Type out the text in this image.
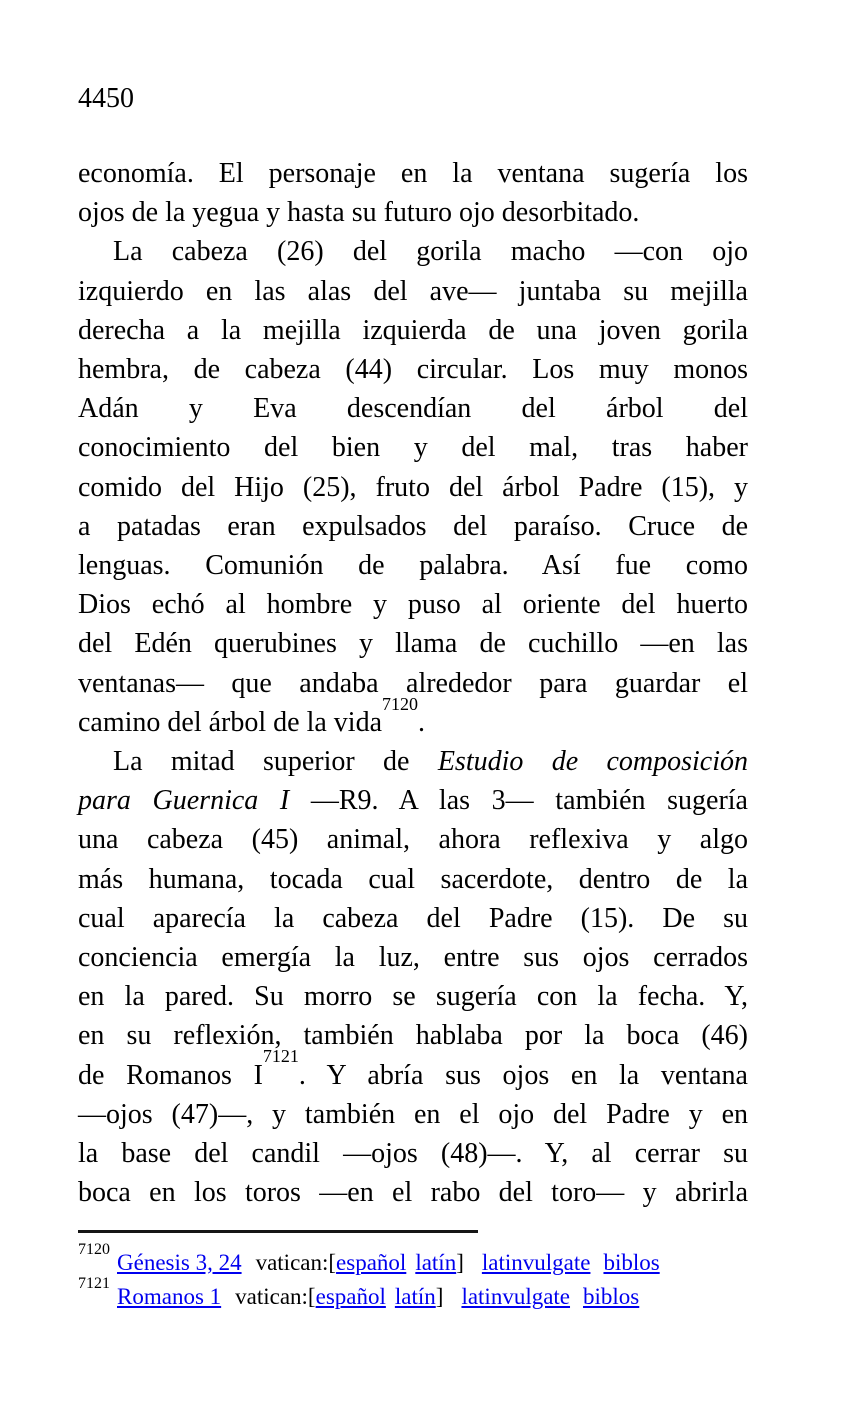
4450
economía. El personaje en la ventana sugería los
ojos de la yegua y hasta su futuro ojo desorbitado.
La cabeza (26) del gorila macho —con ojo
izquierdo en las alas del ave— juntaba su mejilla
derecha a la mejilla izquierda de una joven gorila
hembra, de cabeza (44) circular. Los muy monos
Adán y Eva descendían del árbol del
conocimiento del bien y del mal, tras haber
comido del Hijo (25), fruto del árbol Padre (15), y
a patadas eran expulsados del paraíso. Cruce de
lenguas. Comunión de palabra. Así fue como
Dios echó al hombre y puso al oriente del huerto
del Edén querubines y llama de cuchillo —en las
ventanas— que andaba alrededor para guardar el
camino del árbol de la vida$^{7120}$.
La mitad superior de Estudio de composición
para Guernica I —R9. A las 3— también sugería
una cabeza (45) animal, ahora reflexiva y algo
más humana, tocada cual sacerdote, dentro de la
cual aparecía la cabeza del Padre (15). De su
conciencia emergía la luz, entre sus ojos cerrados
en la pared. Su morro se sugería con la fecha. Y,
en su reflexión, también hablaba por la boca (46)
de Romanos I$^{7121}$. Y abría sus ojos en la ventana
—ojos (47)—, y también en el ojo del Padre y en
la base del candil —ojos (48)—. Y, al cerrar su
boca en los toros —en el rabo del toro— y abrirla
$^{7120}$Génesis 3, 24 vatican:[español latín] latinvulgate biblos
$^{7121}$Romanos 1 vatican:[español latín] latinvulgate biblos
